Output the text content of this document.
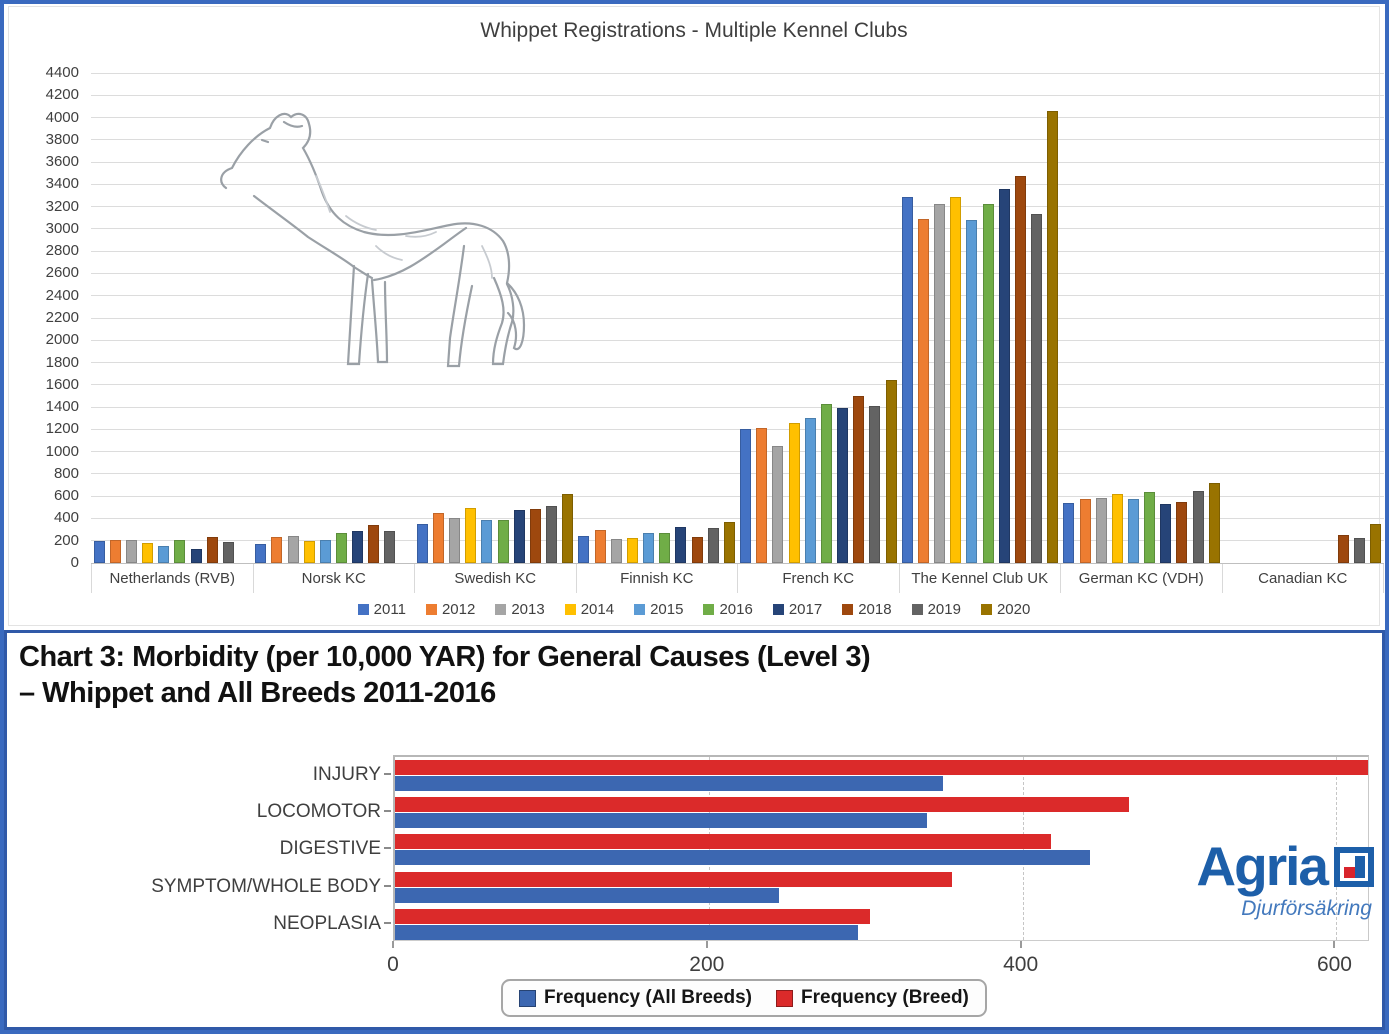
Whippet Registrations - Multiple Kennel Clubs
0
200
400
600
800
1000
1200
1400
1600
1800
2000
2200
2400
2600
2800
3000
3200
3400
3600
3800
4000
4200
4400
Netherlands (RVB)	Norsk KC	Swedish KC	Finnish KC	French KC	The Kennel Club UK	German KC (VDH)	Canadian KC
2011 2012 2013 2014 2015 2016 2017 2018 2019 2020
Chart 3: Morbidity (per 10,000 YAR) for General Causes (Level 3)
– Whippet and All Breeds 2011-2016
INJURY
LOCOMOTOR
DIGESTIVE
SYMPTOM/WHOLE BODY
NEOPLASIA
0	200	400	600
Frequency (All Breeds)	Frequency (Breed)
Agria
Djurförsäkring
